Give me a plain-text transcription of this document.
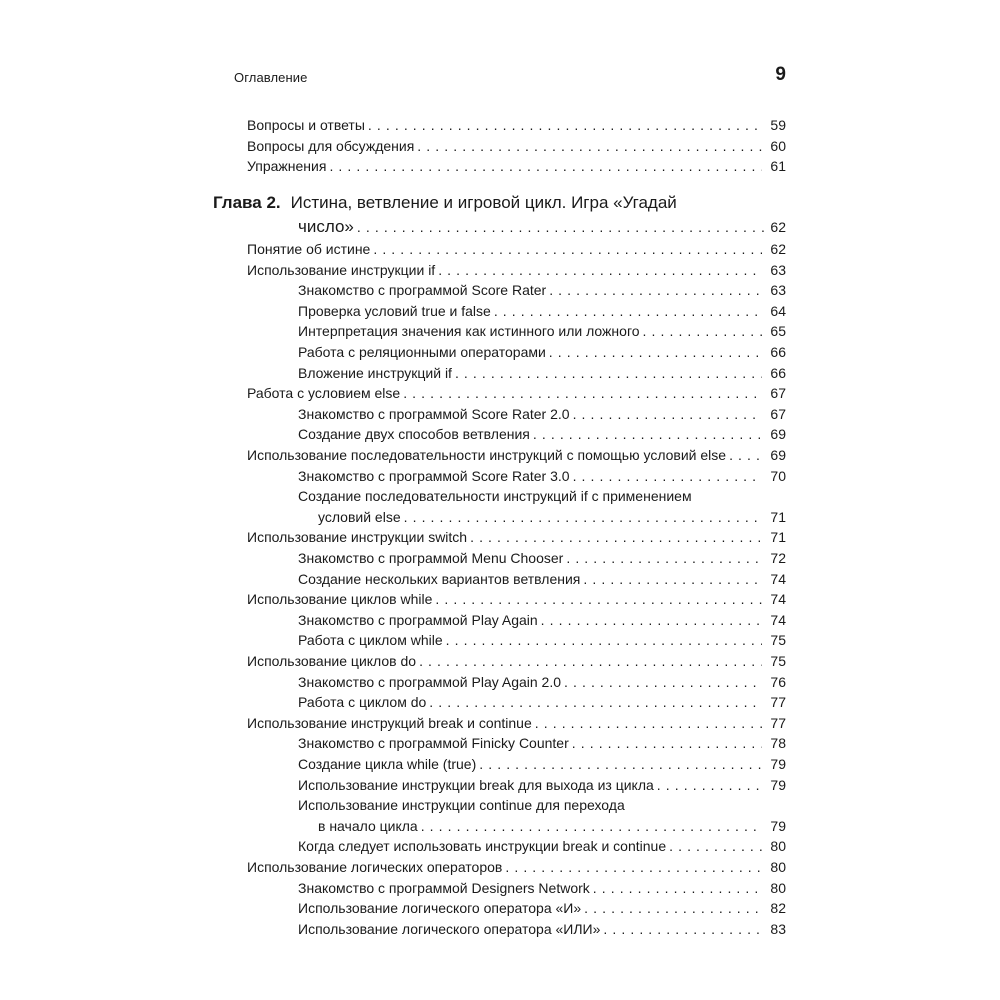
Оглавление	9
Вопросы и ответы . . .	59
Вопросы для обсуждения . . .	60
Упражнения . . .	61
Глава 2. Истина, ветвление и игровой цикл. Игра «Угадай
число» . . .	62
Понятие об истине . . .	62
Использование инструкции if . . .	63
Знакомство с программой Score Rater . . .	63
Проверка условий true и false . . .	64
Интерпретация значения как истинного или ложного . . .	65
Работа с реляционными операторами . . .	66
Вложение инструкций if . . .	66
Работа с условием else . . .	67
Знакомство с программой Score Rater 2.0 . . .	67
Создание двух способов ветвления . . .	69
Использование последовательности инструкций с помощью условий else . . .	69
Знакомство с программой Score Rater 3.0 . . .	70
Создание последовательности инструкций if с применением
условий else . . .	71
Использование инструкции switch . . .	71
Знакомство с программой Menu Chooser . . .	72
Создание нескольких вариантов ветвления . . .	74
Использование циклов while . . .	74
Знакомство с программой Play Again . . .	74
Работа с циклом while . . .	75
Использование циклов do . . .	75
Знакомство с программой Play Again 2.0 . . .	76
Работа с циклом do . . .	77
Использование инструкций break и continue . . .	77
Знакомство с программой Finicky Counter . . .	78
Создание цикла while (true) . . .	79
Использование инструкции break для выхода из цикла . . .	79
Использование инструкции continue для перехода
в начало цикла . . .	79
Когда следует использовать инструкции break и continue . . .	80
Использование логических операторов . . .	80
Знакомство с программой Designers Network . . .	80
Использование логического оператора «И» . . .	82
Использование логического оператора «ИЛИ» . . .	83
